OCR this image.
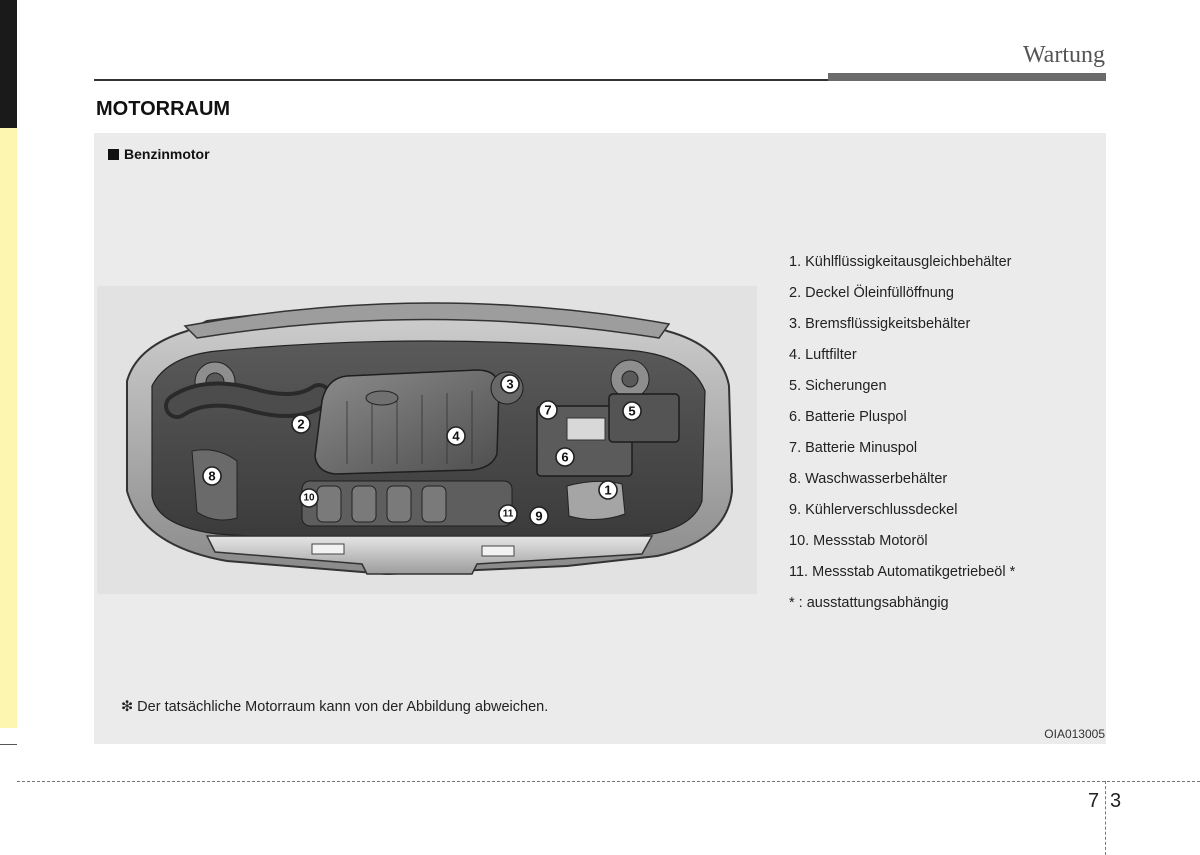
Wartung
MOTORRAUM
Benzinmotor
1
2
3
4
5
6
7
8
9
10
11
1. Kühlflüssigkeitausgleichbehälter
2. Deckel Öleinfüllöffnung
3. Bremsflüssigkeitsbehälter
4. Luftfilter
5. Sicherungen
6. Batterie Pluspol
7. Batterie Minuspol
8. Waschwasserbehälter
9. Kühlerverschlussdeckel
10. Messstab Motoröl
11. Messstab Automatikgetriebeöl *
* : ausstattungsabhängig
❇ Der tatsächliche Motorraum kann von der Abbildung abweichen.
OIA013005
7 3
